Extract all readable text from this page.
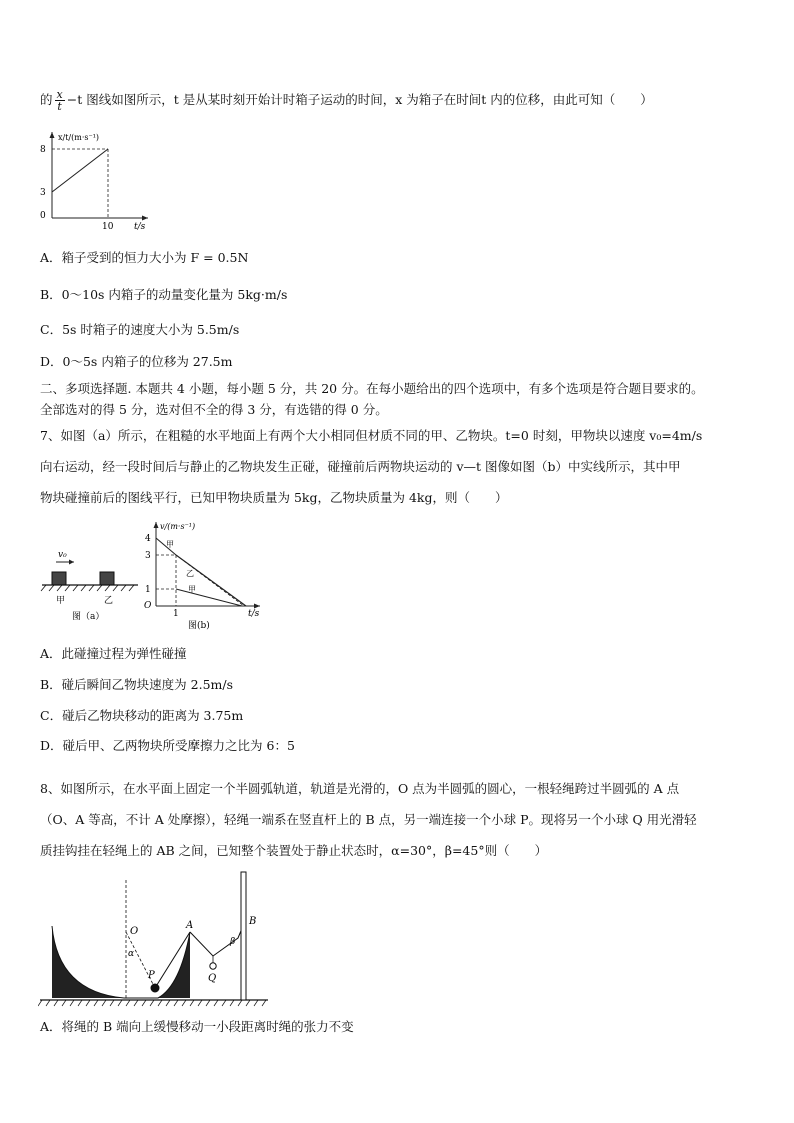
的 $\frac{x}{t} -t$ 图线如图所示，t 是从某时刻开始计时箱子运动的时间，x 为箱子在时间t 内的位移，由此可知（　　）
x/t/(m·s⁻¹)
8
3
0
10 t/s
A．箱子受到的恒力大小为 F = 0.5N
B．0～10s 内箱子的动量变化量为 5kg·m/s
C．5s 时箱子的速度大小为 5.5m/s
D．0～5s 内箱子的位移为 27.5m
二、多项选择题. 本题共 4 小题，每小题 5 分，共 20 分。在每小题给出的四个选项中，有多个选项是符合题目要求的。
全部选对的得 5 分，选对但不全的得 3 分，有选错的得 0 分。
7、如图（a）所示，在粗糙的水平地面上有两个大小相同但材质不同的甲、乙物块。t=0 时刻，甲物块以速度 v₀=4m/s
向右运动，经一段时间后与静止的乙物块发生正碰，碰撞前后两物块运动的 v—t 图像如图（b）中实线所示，其中甲
物块碰撞前后的图线平行，已知甲物块质量为 5kg，乙物块质量为 4kg，则（　　）
v₀
甲	乙
图（a）
v/(m·s⁻¹)
4
3
1
O
1	t/s
甲
乙
甲
图(b)
A．此碰撞过程为弹性碰撞
B．碰后瞬间乙物块速度为 2.5m/s
C．碰后乙物块移动的距离为 3.75m
D．碰后甲、乙两物块所受摩擦力之比为 6：5
8、如图所示，在水平面上固定一个半圆弧轨道，轨道是光滑的，O 点为半圆弧的圆心，一根轻绳跨过半圆弧的 A 点
（O、A 等高，不计 A 处摩擦），轻绳一端系在竖直杆上的 B 点，另一端连接一个小球 P。现将另一个小球 Q 用光滑轻
质挂钩挂在轻绳上的 AB 之间，已知整个装置处于静止状态时，α=30°，β=45°则（　　）
O
α
A	B
β
P	Q
A．将绳的 B 端向上缓慢移动一小段距离时绳的张力不变
